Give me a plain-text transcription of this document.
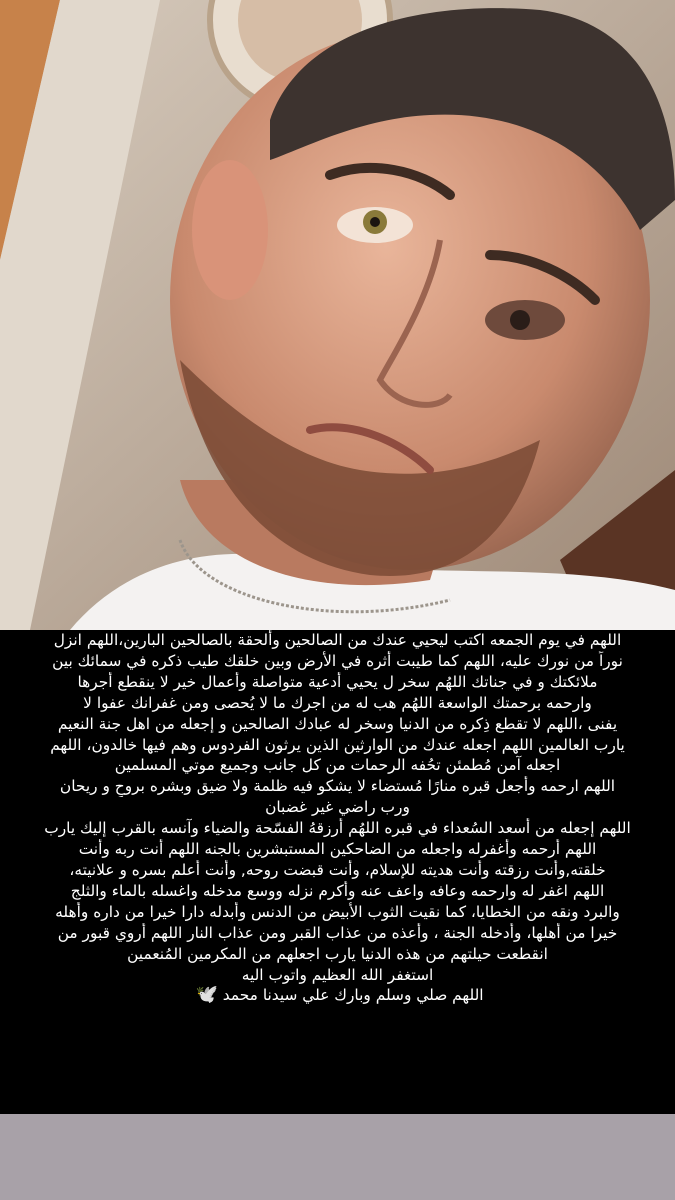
اللهم في يوم الجمعه اكتب ليحيي عندك من الصالحين وألحقة بالصالحين البارين،اللهم انزل
نوراً من نورك عليه، اللهم كما طيبت أثره في الأرض وبين خلقك طيب ذكره في سمائك بين
ملائكتك و في جناتك اللهُم سخر ل يحيي أدعية متواصلة وأعمال خير لا ينقطع أجرها
وارحمه برحمتك الواسعة اللهُم هب له من اجرك ما لا يُحصى ومن غفرانك عفوا لا
يفنى ،اللهم لا تقطع ذِكره من الدنيا وسخر له عبادك الصالحين و إجعله من اهل جنة النعيم
يارب العالمين اللهم اجعله عندك من الوارثين الذين يرثون الفردوس وهم فيها خالدون، اللهم
اجعله آمن مُطمئن تحُفه الرحمات من كل جانب وجميع موتي المسلمين
اللهم ارحمه وأجعل قبره منارًا مُستضاء لا يشكو فيه ظلمة ولا ضيق وبشره بروحِ و ريحان
ورب راضي غير غضبان
اللهم إجعله من أسعد السُعداء في قبره اللهُم أرزقهُ الفسّحة والضياء وآنسه بالقرب إليك يارب
اللهم أرحمه وأغفرله واجعله من الضاحكين المستبشرين بالجنه اللهم أنت ربه وأنت
خلقته,وأنت رزقته وأنت هديته للإسلام، وأنت قبضت روحه, وأنت أعلم بسره و علانيته،
اللهم اغفر له وارحمه وعافه واعف عنه وأكرم نزله ووسع مدخله واغسله بالماء والثلج
والبرد ونقه من الخطايا، كما نقيت الثوب الأبيض من الدنس وأبدله دارا خيرا من داره وأهله
خيرا من أهلها، وأدخله الجنة ، وأعذه من عذاب القبر ومن عذاب النار اللهم أروي قبور من
انقطعت حيلتهم من هذه الدنيا يارب اجعلهم من المكرمين المُنعمين
استغفر الله العظيم واتوب اليه
اللهم صلي وسلم وبارك علي سيدنا محمد 🕊️
